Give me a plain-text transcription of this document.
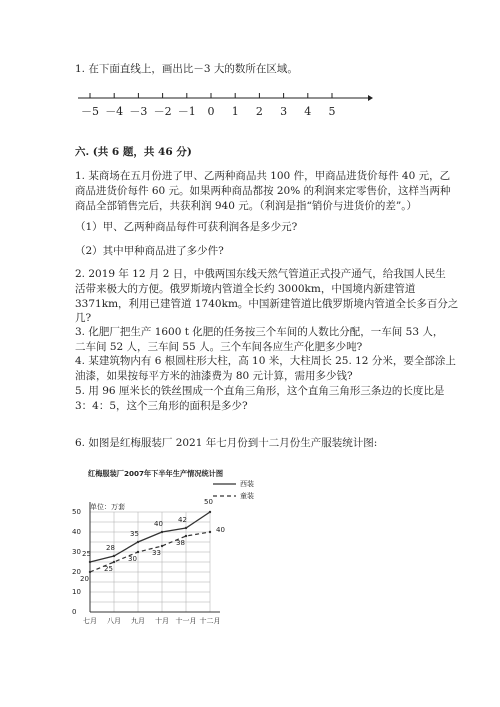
1. 在下面直线上，画出比－3 大的数所在区域。
－5 －4 －3 －2 －1 0 1 2 3 4 5
六. (共 6 题，共 46 分)
1. 某商场在五月份进了甲、乙两种商品共 100 件，甲商品进货价每件 40 元，乙
商品进货价每件 60 元。如果两种商品都按 20% 的利润来定零售价，这样当两种
商品全部销售完后，共获利润 940 元。（利润是指“销价与进货价的差”。）
（1）甲、乙两种商品每件可获利润各是多少元?
（2）其中甲种商品进了多少件?
2. 2019 年 12 月 2 日，中俄两国东线天然气管道正式投产通气，给我国人民生
活带来极大的方便。俄罗斯境内管道全长约 3000km，中国境内新建管道
3371km，利用已建管道 1740km。中国新建管道比俄罗斯境内管道全长多百分之
几?
3. 化肥厂把生产 1600 t 化肥的任务按三个车间的人数比分配，一车间 53 人，
二车间 52 人，三车间 55 人。三个车间各应生产化肥多少吨?
4. 某建筑物内有 6 根圆柱形大柱，高 10 米，大柱周长 25. 12 分米，要全部涂上
油漆，如果按每平方米的油漆费为 80 元计算，需用多少钱?
5. 用 96 厘米长的铁丝围成一个直角三角形，这个直角三角形三条边的长度比是
3：4：5，这个三角形的面积是多少?
6. 如图是红梅服装厂 2021 年七月份到十二月份生产服装统计图:
红梅服装厂2007年下半年生产情况统计图
单位：万套
0
10
20
30
40
50
七月 八月 九月 十月 十一月 十二月
25
28
35
40 42
50
20
25
30
33
38
40
西装
童装
